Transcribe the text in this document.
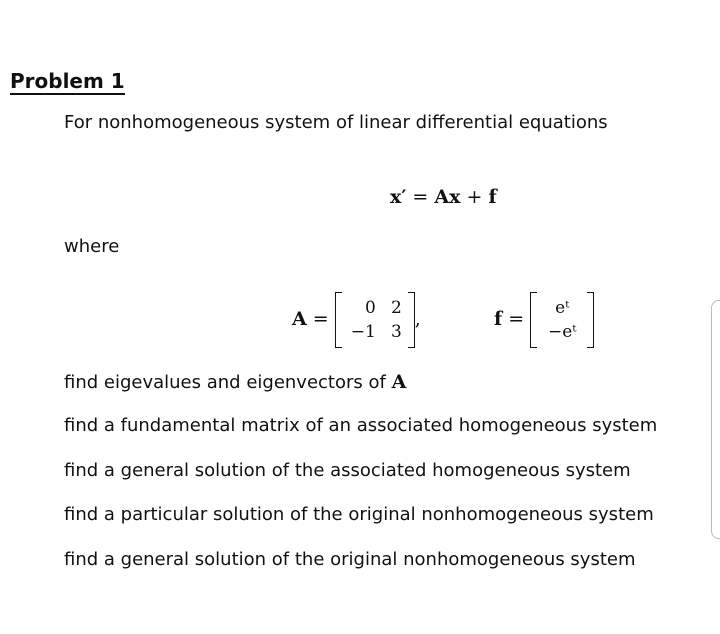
Problem 1
For nonhomogeneous system of linear differential equations
x′ = Ax + f
where
A =	0 2
−1 3
,	f =	eᵗ
−eᵗ
find eigevalues and eigenvectors of A
find a fundamental matrix of an associated homogeneous system
find a general solution of the associated homogeneous system
find a particular solution of the original nonhomogeneous system
find a general solution of the original nonhomogeneous system
